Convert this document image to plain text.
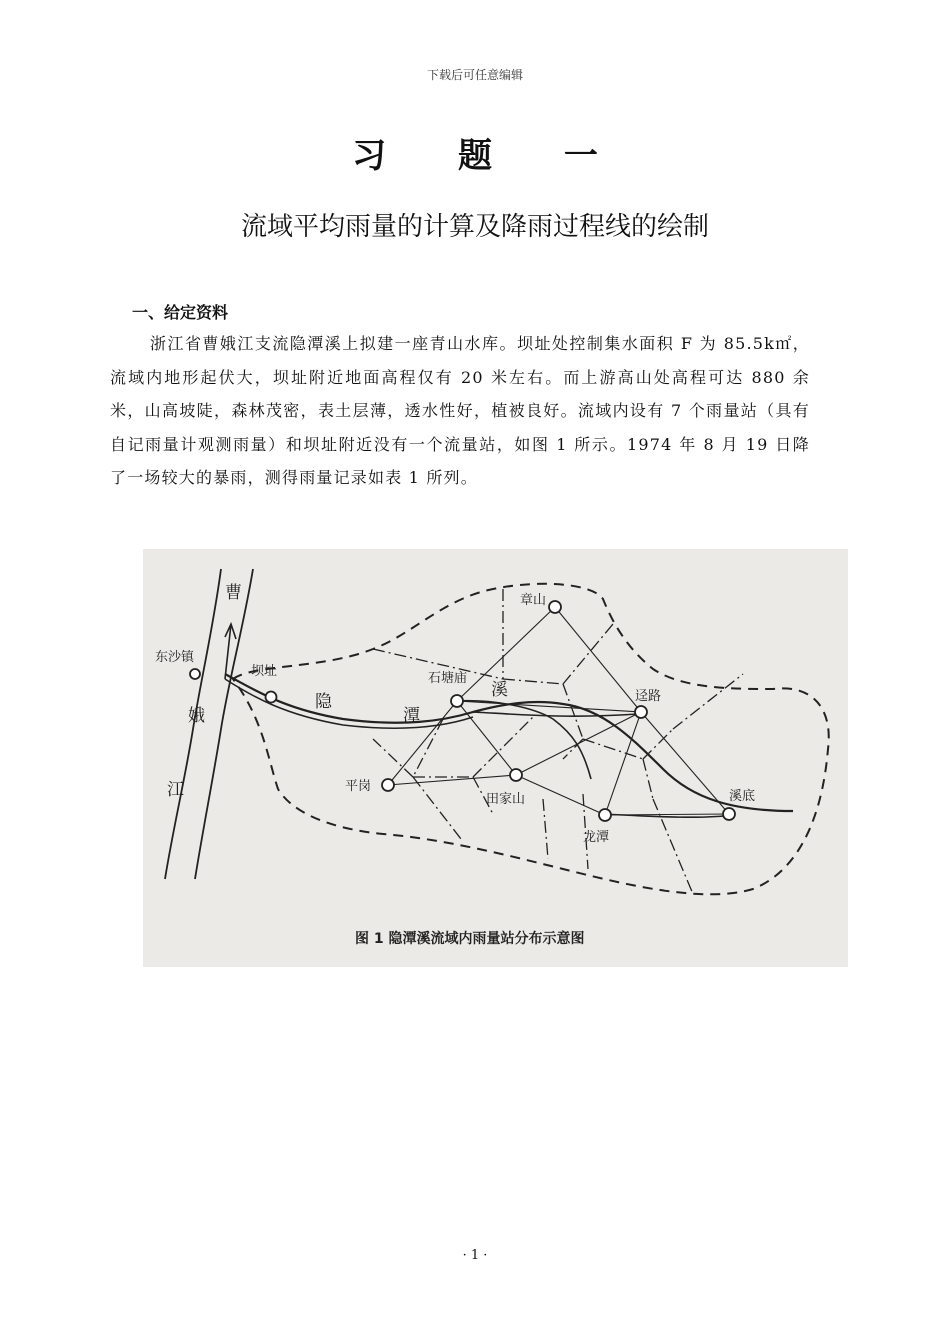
下载后可任意编辑
习 题 一
流域平均雨量的计算及降雨过程线的绘制
一、给定资料
浙江省曹娥江支流隐潭溪上拟建一座青山水库。坝址处控制集水面积 F 为 85.5k㎡，流域内地形起伏大，坝址附近地面高程仅有 20 米左右。而上游高山处高程可达 880 余米，山高坡陡，森林茂密，表土层薄，透水性好，植被良好。流域内设有 7 个雨量站（具有自记雨量计观测雨量）和坝址附近没有一个流量站，如图 1 所示。1974 年 8 月 19 日降了一场较大的暴雨，测得雨量记录如表 1 所列。
曹
娥
江
隐
潭
溪
东沙镇
坝址
章山
石塘庙
迳路
平岗
田家山
龙潭
溪底
图 1 隐潭溪流域内雨量站分布示意图
· 1 ·
